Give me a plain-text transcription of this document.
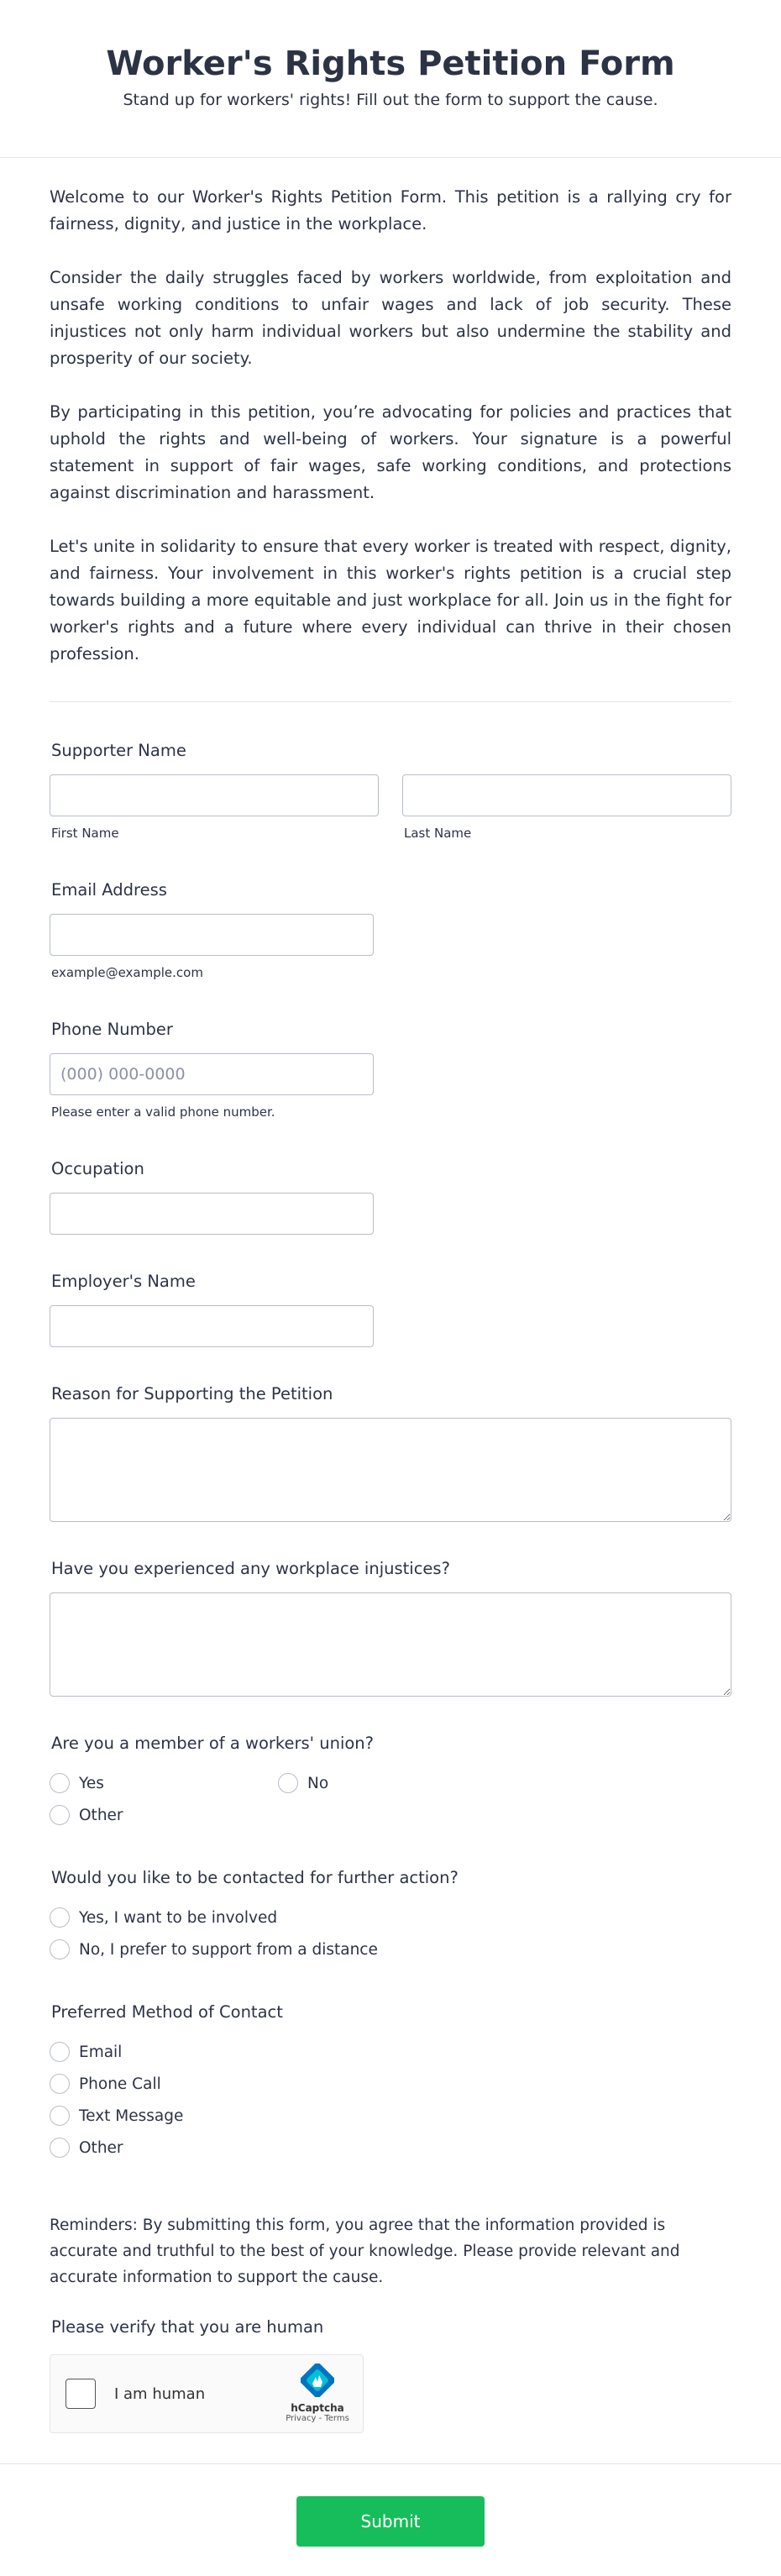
Worker's Rights Petition Form
Stand up for workers' rights! Fill out the form to support the cause.

Welcome to our Worker's Rights Petition Form. This petition is a rallying cry for fairness, dignity, and justice in the workplace.

Consider the daily struggles faced by workers worldwide, from exploitation and unsafe working conditions to unfair wages and lack of job security. These injustices not only harm individual workers but also undermine the stability and prosperity of our society.

By participating in this petition, you’re advocating for policies and practices that uphold the rights and well-being of workers. Your signature is a powerful statement in support of fair wages, safe working conditions, and protections against discrimination and harassment.

Let's unite in solidarity to ensure that every worker is treated with respect, dignity, and fairness. Your involvement in this worker's rights petition is a crucial step towards building a more equitable and just workplace for all. Join us in the fight for worker's rights and a future where every individual can thrive in their chosen profession.

Supporter Name
First Name	Last Name
Email Address
example@example.com
Phone Number
(000) 000-0000
Please enter a valid phone number.
Occupation
Employer's Name
Reason for Supporting the Petition
Have you experienced any workplace injustices?
Are you a member of a workers' union?
Yes	No
Other
Would you like to be contacted for further action?
Yes, I want to be involved
No, I prefer to support from a distance
Preferred Method of Contact
Email
Phone Call
Text Message
Other

Reminders: By submitting this form, you agree that the information provided is accurate and truthful to the best of your knowledge. Please provide relevant and accurate information to support the cause.

Please verify that you are human
I am human
hCaptcha
Privacy - Terms
Submit
